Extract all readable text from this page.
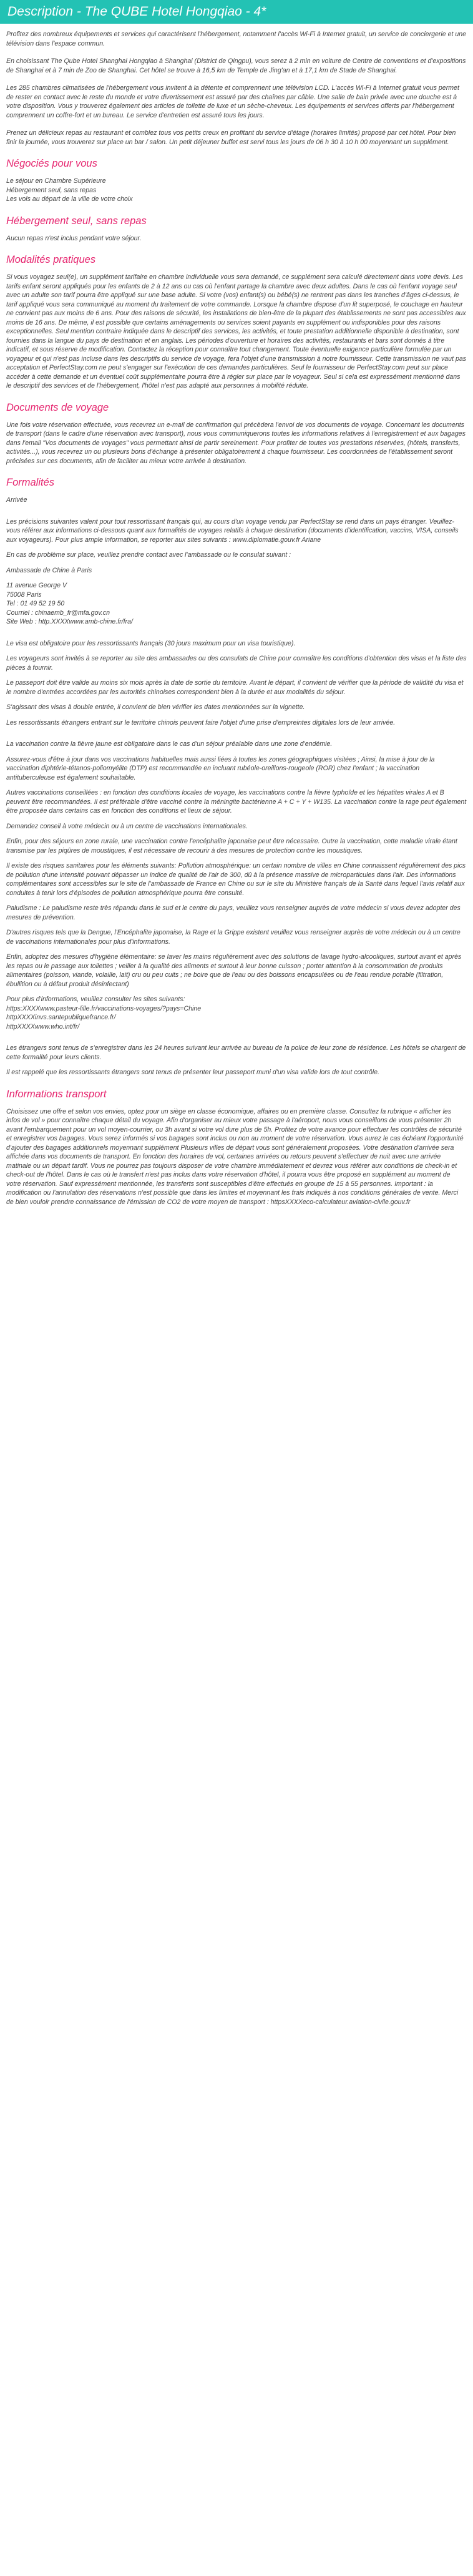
Description - The QUBE Hotel Hongqiao - 4*

Profitez des nombreux équipements et services qui caractérisent l'hébergement, notamment l'accès Wi-Fi à Internet gratuit, un service de conciergerie et une télévision dans l'espace commun.

En choisissant The Qube Hotel Shanghai Hongqiao à Shanghai (District de Qingpu), vous serez à 2 min en voiture de Centre de conventions et d'expositions de Shanghai et à 7 min de Zoo de Shanghai. Cet hôtel se trouve à 16,5 km de Temple de Jing'an et à 17,1 km de Stade de Shanghai.

Les 285 chambres climatisées de l'hébergement vous invitent à la détente et comprennent une télévision LCD. L'accès Wi-Fi à Internet gratuit vous permet de rester en contact avec le reste du monde et votre divertissement est assuré par des chaînes par câble. Une salle de bain privée avec une douche est à votre disposition. Vous y trouverez également des articles de toilette de luxe et un sèche-cheveux. Les équipements et services offerts par l'hébergement comprennent un coffre-fort et un bureau. Le service d'entretien est assuré tous les jours.

Prenez un délicieux repas au restaurant et comblez tous vos petits creux en profitant du service d'étage (horaires limités) proposé par cet hôtel. Pour bien finir la journée, vous trouverez sur place un bar / salon. Un petit déjeuner buffet est servi tous les jours de 06 h 30 à 10 h 00 moyennant un supplément.

Négociés pour vous

Le séjour en Chambre Supérieure
Hébergement seul, sans repas
Les vols au départ de la ville de votre choix

Hébergement seul, sans repas

Aucun repas n'est inclus pendant votre séjour.

Modalités pratiques

Si vous voyagez seul(e), un supplément tarifaire en chambre individuelle vous sera demandé, ce supplément sera calculé directement dans votre devis. Les tarifs enfant seront appliqués pour les enfants de 2 à 12 ans ou cas où l'enfant partage la chambre avec deux adultes. Dans le cas où l'enfant voyage seul avec un adulte son tarif pourra être appliqué sur une base adulte. Si votre (vos) enfant(s) ou bébé(s) ne rentrent pas dans les tranches d'âges ci-dessus, le tarif appliqué vous sera communiqué au moment du traitement de votre commande. Lorsque la chambre dispose d'un lit superposé, le couchage en hauteur ne convient pas aux moins de 6 ans. Pour des raisons de sécurité, les installations de bien-être de la plupart des établissements ne sont pas accessibles aux moins de 16 ans. De même, il est possible que certains aménagements ou services soient payants en supplément ou indisponibles pour des raisons exceptionnelles. Seul mention contraire indiquée dans le descriptif des services, les activités, et toute prestation additionnelle disponible à destination, sont fournies dans la langue du pays de destination et en anglais. Les périodes d'ouverture et horaires des activités, restaurants et bars sont donnés à titre indicatif, et sous réserve de modification. Contactez la réception pour connaître tout changement. Toute éventuelle exigence particulière formulée par un voyageur et qui n'est pas incluse dans les descriptifs du service de voyage, fera l'objet d'une transmission à notre fournisseur. Cette transmission ne vaut pas acceptation et PerfectStay.com ne peut s'engager sur l'exécution de ces demandes particulières. Seul le fournisseur de PerfectStay.com peut sur place accéder à cette demande et un éventuel coût supplémentaire pourra être à régler sur place par le voyageur. Seul si cela est expressément mentionné dans le descriptif des services et de l'hébergement, l'hôtel n'est pas adapté aux personnes à mobilité réduite.

Documents de voyage

Une fois votre réservation effectuée, vous recevrez un e-mail de confirmation qui précèdera l'envoi de vos documents de voyage. Concernant les documents de transport (dans le cadre d'une réservation avec transport), nous vous communiquerons toutes les informations relatives à l'enregistrement et aux bagages dans l'email "Vos documents de voyages" vous permettant ainsi de partir sereinement. Pour profiter de toutes vos prestations réservées, (hôtels, transferts, activités...), vous recevrez un ou plusieurs bons d'échange à présenter obligatoirement à chaque fournisseur. Les coordonnées de l'établissement seront précisées sur ces documents, afin de faciliter au mieux votre arrivée à destination.

Formalités

Arrivée

Les précisions suivantes valent pour tout ressortissant français qui, au cours d'un voyage vendu par PerfectStay se rend dans un pays étranger. Veuillez-vous référer aux informations ci-dessous quant aux formalités de voyages relatifs à chaque destination (documents d'identification, vaccins, VISA, conseils aux voyageurs). Pour plus ample information, se reporter aux sites suivants : www.diplomatie.gouv.fr Ariane

En cas de problème sur place, veuillez prendre contact avec l'ambassade ou le consulat suivant :

Ambassade de Chine à Paris

11 avenue George V
75008 Paris
Tel : 01 49 52 19 50
Courriel : chinaemb_fr@mfa.gov.cn
Site Web : http.XXXXwww.amb-chine.fr/fra/

Le visa est obligatoire pour les ressortissants français (30 jours maximum pour un visa touristique).

Les voyageurs sont invités à se reporter au site des ambassades ou des consulats de Chine pour connaître les conditions d'obtention des visas et la liste des pièces à fournir.

Le passeport doit être valide au moins six mois après la date de sortie du territoire. Avant le départ, il convient de vérifier que la période de validité du visa et le nombre d'entrées accordées par les autorités chinoises correspondent bien à la durée et aux modalités du séjour.

S'agissant des visas à double entrée, il convient de bien vérifier les dates mentionnées sur la vignette.

Les ressortissants étrangers entrant sur le territoire chinois peuvent faire l'objet d'une prise d'empreintes digitales lors de leur arrivée.

La vaccination contre la fièvre jaune est obligatoire dans le cas d'un séjour préalable dans une zone d'endémie.

Assurez-vous d'être à jour dans vos vaccinations habituelles mais aussi liées à toutes les zones géographiques visitées ; Ainsi, la mise à jour de la vaccination diphtérie-tétanos-poliomyélite (DTP) est recommandée en incluant rubéole-oreillons-rougeole (ROR) chez l'enfant ; la vaccination antituberculeuse est également souhaitable.

Autres vaccinations conseillées : en fonction des conditions locales de voyage, les vaccinations contre la fièvre typhoïde et les hépatites virales A et B peuvent être recommandées. Il est préférable d'être vacciné contre la méningite bactérienne A + C + Y + W135. La vaccination contre la rage peut également être proposée dans certains cas en fonction des conditions et lieux de séjour.

Demandez conseil à votre médecin ou à un centre de vaccinations internationales.

Enfin, pour des séjours en zone rurale, une vaccination contre l'encéphalite japonaise peut être nécessaire. Outre la vaccination, cette maladie virale étant transmise par les piqûres de moustiques, il est nécessaire de recourir à des mesures de protection contre les moustiques.

Il existe des risques sanitaires pour les éléments suivants: Pollution atmosphérique: un certain nombre de villes en Chine connaissent régulièrement des pics de pollution d'une intensité pouvant dépasser un indice de qualité de l'air de 300, dû à la présence massive de microparticules dans l'air. Des informations complémentaires sont accessibles sur le site de l'ambassade de France en Chine ou sur le site du Ministère français de la Santé dans lequel l'avis relatif aux conduites à tenir lors d'épisodes de pollution atmosphérique pourra être consulté.

Paludisme : Le paludisme reste très répandu dans le sud et le centre du pays, veuillez vous renseigner auprès de votre médecin si vous devez adopter des mesures de prévention.

D'autres risques tels que la Dengue, l'Encéphalite japonaise, la Rage et la Grippe existent veuillez vous renseigner auprès de votre médecin ou à un centre de vaccinations internationales pour plus d'informations.

Enfin, adoptez des mesures d'hygiène élémentaire: se laver les mains régulièrement avec des solutions de lavage hydro-alcooliques, surtout avant et après les repas ou le passage aux toilettes ; veiller à la qualité des aliments et surtout à leur bonne cuisson ; porter attention à la consommation de produits alimentaires (poisson, viande, volaille, lait) cru ou peu cuits ; ne boire que de l'eau ou des boissons encapsulées ou de l'eau rendue potable (filtration, ébullition ou à défaut produit désinfectant)

Pour plus d'informations, veuillez consulter les sites suivants:
https:XXXXwww.pasteur-lille.fr/vaccinations-voyages/?pays=Chine
httpXXXXinvs.santepubliquefrance.fr/
httpXXXXwww.who.int/fr/

Les étrangers sont tenus de s'enregistrer dans les 24 heures suivant leur arrivée au bureau de la police de leur zone de résidence. Les hôtels se chargent de cette formalité pour leurs clients.

Il est rappelé que les ressortissants étrangers sont tenus de présenter leur passeport muni d'un visa valide lors de tout contrôle.

Informations transport

Choisissez une offre et selon vos envies, optez pour un siège en classe économique, affaires ou en première classe. Consultez la rubrique « afficher les infos de vol » pour connaître chaque détail du voyage. Afin d'organiser au mieux votre passage à l'aéroport, nous vous conseillons de vous présenter 2h avant l'embarquement pour un vol moyen-courrier, ou 3h avant si votre vol dure plus de 5h. Profitez de votre avance pour effectuer les contrôles de sécurité et enregistrer vos bagages. Vous serez informés si vos bagages sont inclus ou non au moment de votre réservation. Vous aurez le cas échéant l'opportunité d'ajouter des bagages additionnels moyennant supplément Plusieurs villes de départ vous sont généralement proposées. Votre destination d'arrivée sera affichée dans vos documents de transport. En fonction des horaires de vol, certaines arrivées ou retours peuvent s'effectuer de nuit avec une arrivée matinale ou un départ tardif. Vous ne pourrez pas toujours disposer de votre chambre immédiatement et devrez vous référer aux conditions de check-in et check-out de l'hôtel. Dans le cas où le transfert n'est pas inclus dans votre réservation d'hôtel, il pourra vous être proposé en supplément au moment de votre réservation. Sauf expressément mentionnée, les transferts sont susceptibles d'être effectués en groupe de 15 à 55 personnes. Important : la modification ou l'annulation des réservations n'est possible que dans les limites et moyennant les frais indiqués à nos conditions générales de vente. Merci de bien vouloir prendre connaissance de l'émission de CO2 de votre moyen de transport : httpsXXXXeco-calculateur.aviation-civile.gouv.fr
